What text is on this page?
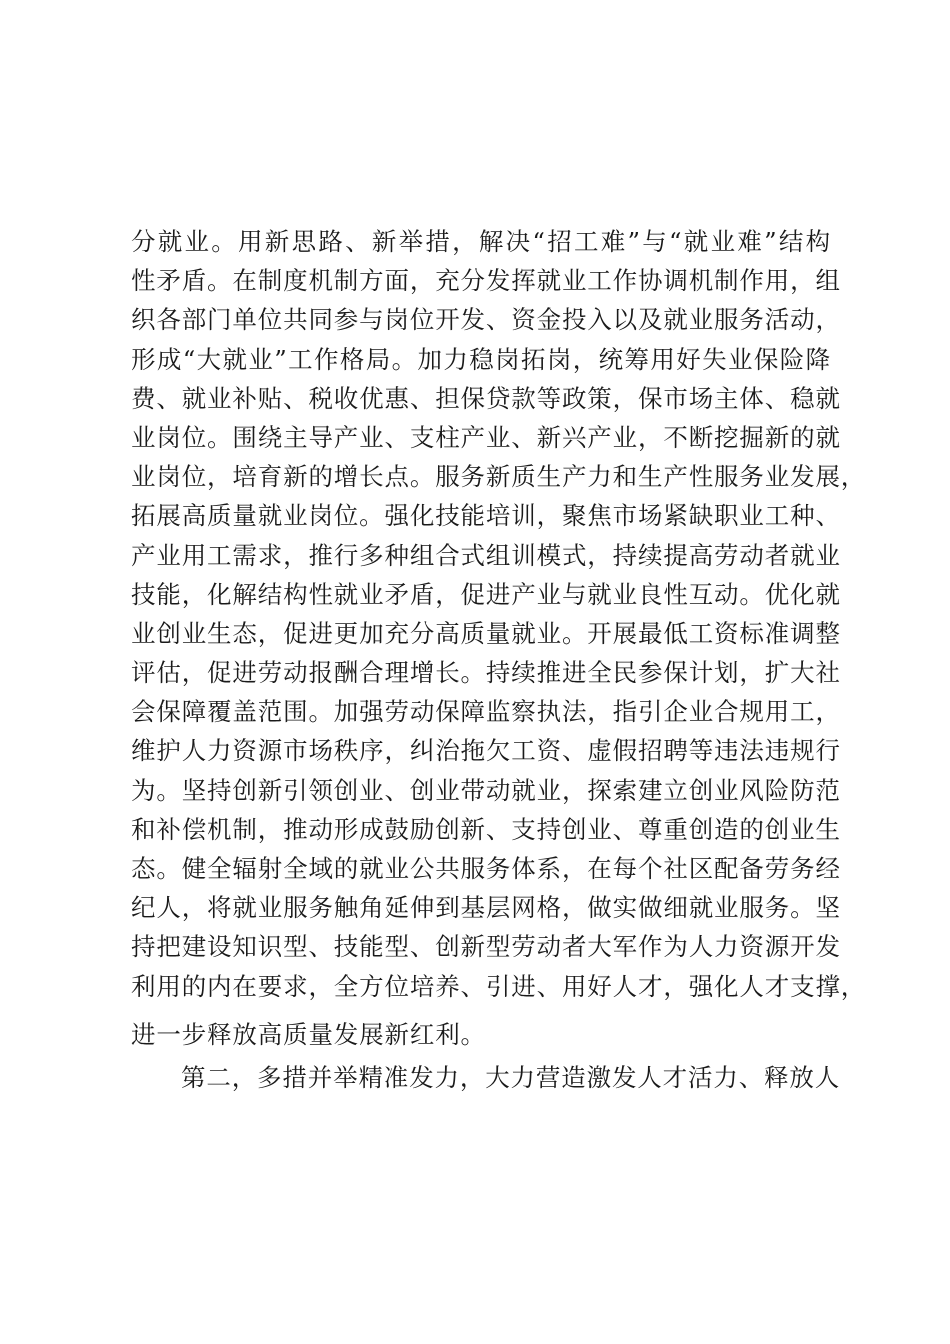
分就业。用新思路、新举措，解决“招工难”与“就业难”结构
性矛盾。在制度机制方面，充分发挥就业工作协调机制作用，组
织各部门单位共同参与岗位开发、资金投入以及就业服务活动，
形成“大就业”工作格局。加力稳岗拓岗，统筹用好失业保险降
费、就业补贴、税收优惠、担保贷款等政策，保市场主体、稳就
业岗位。围绕主导产业、支柱产业、新兴产业，不断挖掘新的就
业岗位，培育新的增长点。服务新质生产力和生产性服务业发展，
拓展高质量就业岗位。强化技能培训，聚焦市场紧缺职业工种、
产业用工需求，推行多种组合式组训模式，持续提高劳动者就业
技能，化解结构性就业矛盾，促进产业与就业良性互动。优化就
业创业生态，促进更加充分高质量就业。开展最低工资标准调整
评估，促进劳动报酬合理增长。持续推进全民参保计划，扩大社
会保障覆盖范围。加强劳动保障监察执法，指引企业合规用工，
维护人力资源市场秩序，纠治拖欠工资、虚假招聘等违法违规行
为。坚持创新引领创业、创业带动就业，探索建立创业风险防范
和补偿机制，推动形成鼓励创新、支持创业、尊重创造的创业生
态。健全辐射全域的就业公共服务体系，在每个社区配备劳务经
纪人，将就业服务触角延伸到基层网格，做实做细就业服务。坚
持把建设知识型、技能型、创新型劳动者大军作为人力资源开发
利用的内在要求，全方位培养、引进、用好人才，强化人才支撑，
进一步释放高质量发展新红利。
第二，多措并举精准发力，大力营造激发人才活力、释放人
